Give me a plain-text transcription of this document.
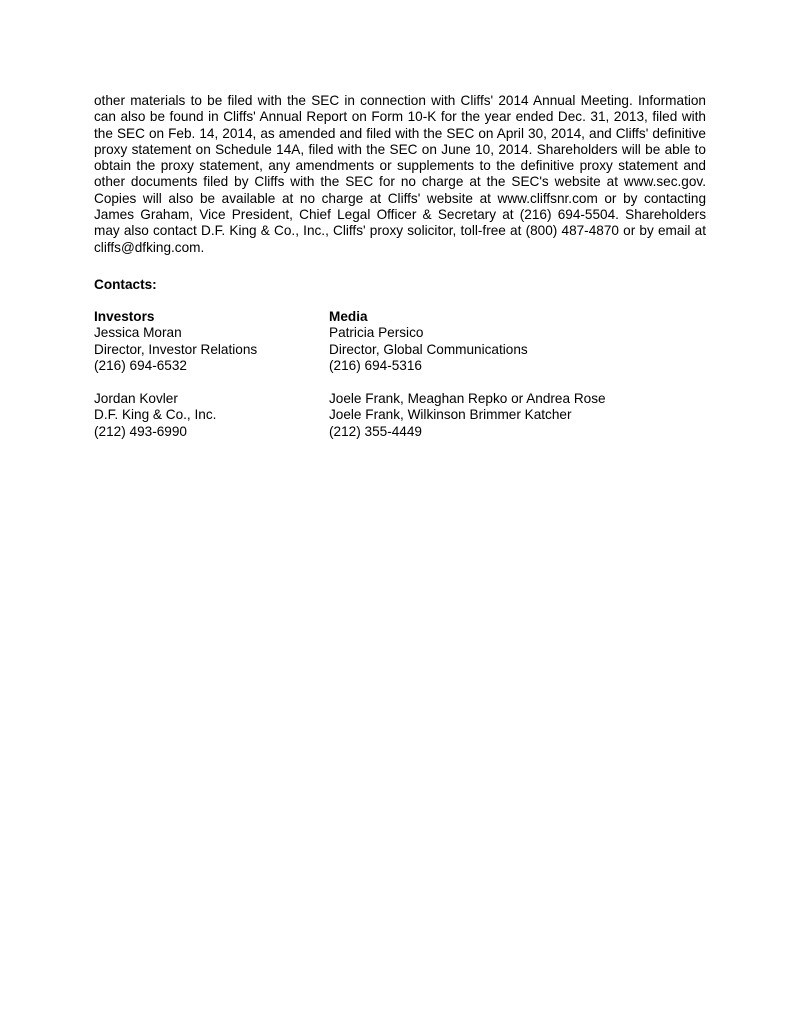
other materials to be filed with the SEC in connection with Cliffs' 2014 Annual Meeting. Information can also be found in Cliffs' Annual Report on Form 10-K for the year ended Dec. 31, 2013, filed with the SEC on Feb. 14, 2014, as amended and filed with the SEC on April 30, 2014, and Cliffs' definitive proxy statement on Schedule 14A, filed with the SEC on June 10, 2014. Shareholders will be able to obtain the proxy statement, any amendments or supplements to the definitive proxy statement and other documents filed by Cliffs with the SEC for no charge at the SEC's website at www.sec.gov. Copies will also be available at no charge at Cliffs' website at www.cliffsnr.com or by contacting James Graham, Vice President, Chief Legal Officer & Secretary at (216) 694-5504. Shareholders may also contact D.F. King & Co., Inc., Cliffs' proxy solicitor, toll-free at (800) 487-4870 or by email at cliffs@dfking.com.

Contacts:
Investors
Jessica Moran
Director, Investor Relations
(216) 694-6532
Jordan Kovler
D.F. King & Co., Inc.
(212) 493-6990
Media
Patricia Persico
Director, Global Communications
(216) 694-5316
Joele Frank, Meaghan Repko or Andrea Rose
Joele Frank, Wilkinson Brimmer Katcher
(212) 355-4449
